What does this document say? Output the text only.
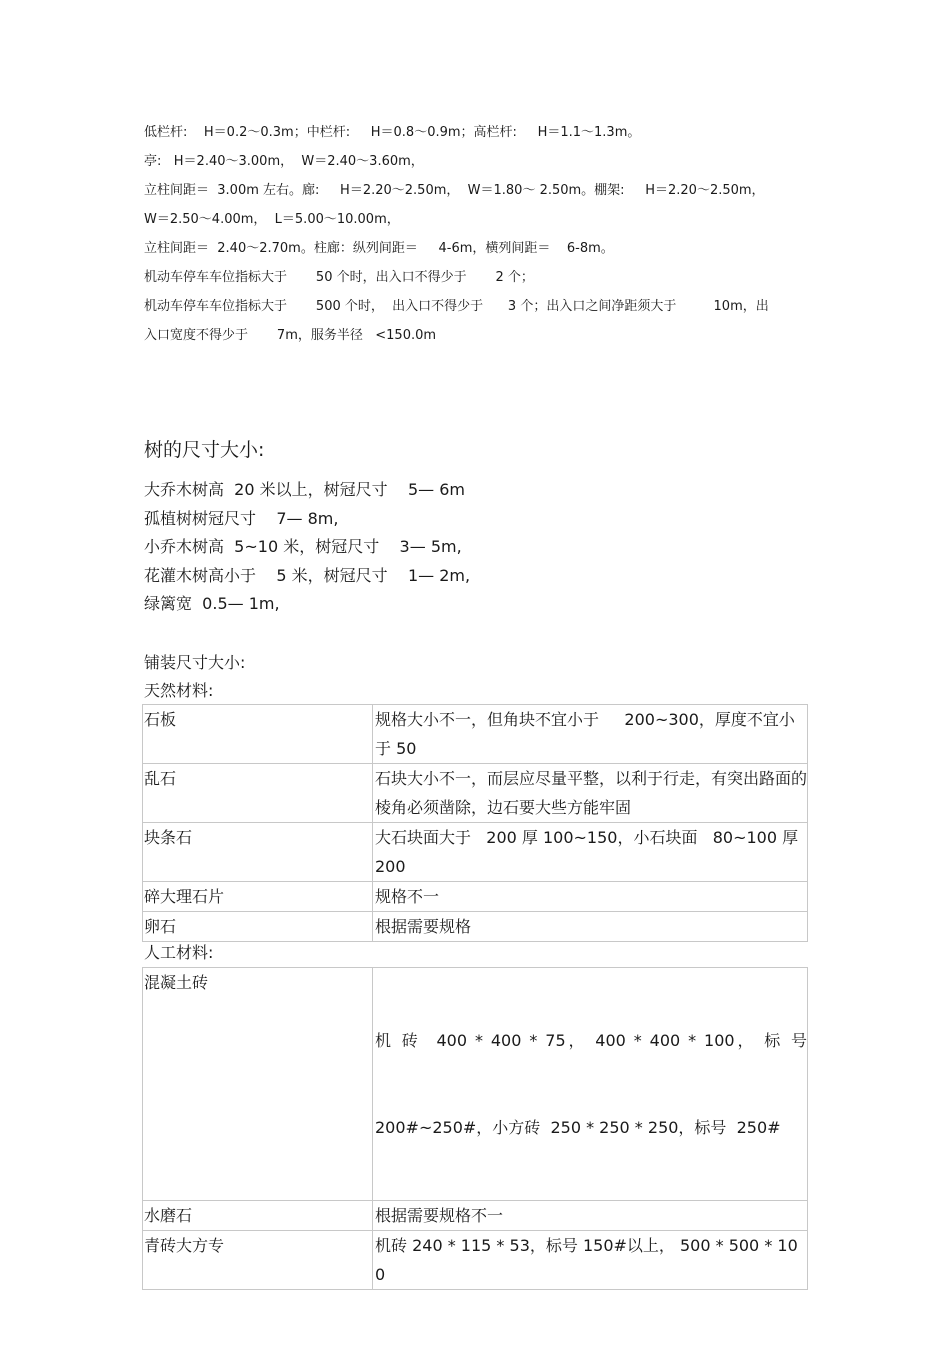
低栏杆:    H＝0.2～0.3m；中栏杆:     H＝0.8～0.9m；高栏杆:     H＝1.1～1.3m。
亭:   H＝2.40～3.00m，  W＝2.40～3.60m，
立柱间距＝  3.00m 左右。廊:     H＝2.20～2.50m，  W＝1.80～ 2.50m。棚架:     H＝2.20～2.50m，
W＝2.50～4.00m，  L＝5.00～10.00m，
立柱间距＝  2.40～2.70m。柱廊：纵列间距＝     4-6m，横列间距＝    6-8m。
机动车停车车位指标大于       50 个时，出入口不得少于       2 个；
机动车停车车位指标大于       500 个时，  出入口不得少于      3 个；出入口之间净距须大于         10m，出
入口宽度不得少于       7m，服务半径   <150.0m
树的尺寸大小:
大乔木树高  20 米以上，树冠尺寸    5— 6m
孤植树树冠尺寸    7— 8m,
小乔木树高  5~10 米，树冠尺寸    3— 5m,
花灌木树高小于    5 米，树冠尺寸    1— 2m,
绿篱宽  0.5— 1m,
铺装尺寸大小:
天然材料:
石板	规格大小不一，但角块不宜小于     200~300，厚度不宜小于 50
乱石	石块大小不一，而层应尽量平整，以利于行走，有突出路面的棱角必须凿除，边石要大些方能牢固
块条石	大石块面大于   200 厚 100~150，小石块面   80~100 厚 200
碎大理石片	规格不一
卵石	根据需要规格
人工材料:
混凝土砖	机 砖  400 * 400 * 75， 400 * 400 * 100， 标 号

200#~250#，小方砖  250 * 250 * 250，标号  250#

水磨石	根据需要规格不一
青砖大方专	机砖 240 * 115 * 53，标号 150#以上， 500 * 500 * 100
